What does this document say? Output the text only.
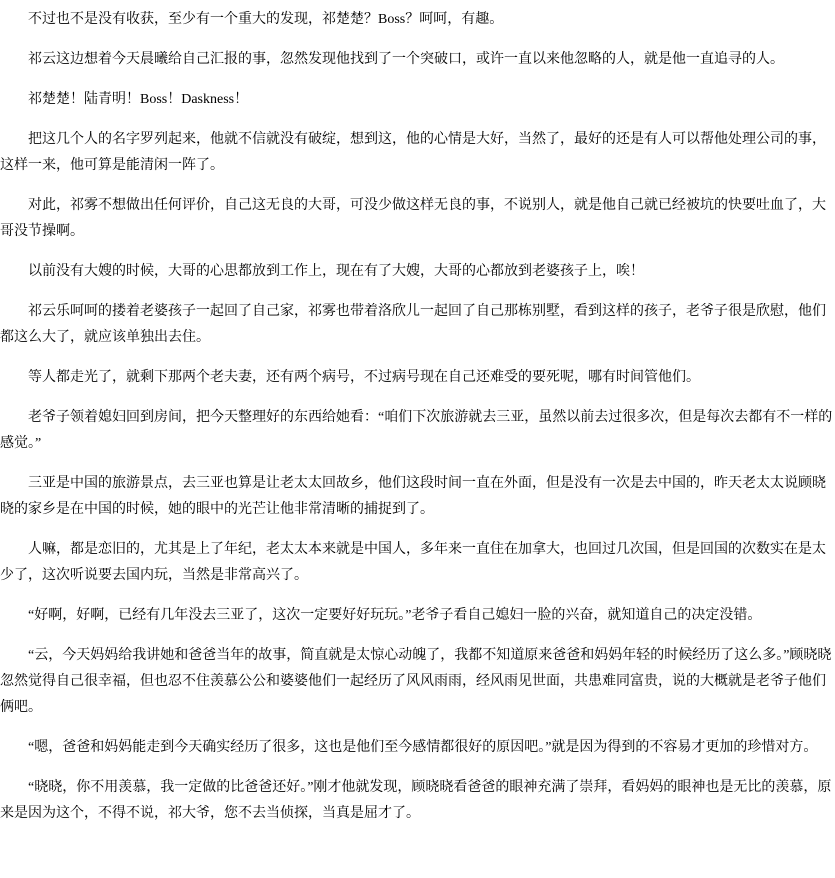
不过也不是没有收获，至少有一个重大的发现，祁楚楚？Boss？呵呵，有趣。

祁云这边想着今天晨曦给自己汇报的事，忽然发现他找到了一个突破口，或许一直以来他忽略的人，就是他一直追寻的人。

祁楚楚！陆青明！Boss！Daskness！

把这几个人的名字罗列起来，他就不信就没有破绽，想到这，他的心情是大好，当然了，最好的还是有人可以帮他处理公司的事，这样一来，他可算是能清闲一阵了。

对此，祁雾不想做出任何评价，自己这无良的大哥，可没少做这样无良的事，不说别人，就是他自己就已经被坑的快要吐血了，大哥没节操啊。

以前没有大嫂的时候，大哥的心思都放到工作上，现在有了大嫂，大哥的心都放到老婆孩子上，唉！

祁云乐呵呵的搂着老婆孩子一起回了自己家，祁雾也带着洛欣儿一起回了自己那栋别墅，看到这样的孩子，老爷子很是欣慰，他们都这么大了，就应该单独出去住。

等人都走光了，就剩下那两个老夫妻，还有两个病号，不过病号现在自己还难受的要死呢，哪有时间管他们。

老爷子领着媳妇回到房间，把今天整理好的东西给她看：“咱们下次旅游就去三亚，虽然以前去过很多次，但是每次去都有不一样的感觉。”

三亚是中国的旅游景点，去三亚也算是让老太太回故乡，他们这段时间一直在外面，但是没有一次是去中国的，昨天老太太说顾晓晓的家乡是在中国的时候，她的眼中的光芒让他非常清晰的捕捉到了。

人嘛，都是恋旧的，尤其是上了年纪，老太太本来就是中国人，多年来一直住在加拿大，也回过几次国，但是回国的次数实在是太少了，这次听说要去国内玩，当然是非常高兴了。

“好啊，好啊，已经有几年没去三亚了，这次一定要好好玩玩。”老爷子看自己媳妇一脸的兴奋，就知道自己的决定没错。

“云，今天妈妈给我讲她和爸爸当年的故事，简直就是太惊心动魄了，我都不知道原来爸爸和妈妈年轻的时候经历了这么多。”顾晓晓忽然觉得自己很幸福，但也忍不住羡慕公公和婆婆他们一起经历了风风雨雨，经风雨见世面，共患难同富贵，说的大概就是老爷子他们俩吧。

“嗯，爸爸和妈妈能走到今天确实经历了很多，这也是他们至今感情都很好的原因吧。”就是因为得到的不容易才更加的珍惜对方。

“晓晓，你不用羡慕，我一定做的比爸爸还好。”刚才他就发现，顾晓晓看爸爸的眼神充满了崇拜，看妈妈的眼神也是无比的羡慕，原来是因为这个，不得不说，祁大爷，您不去当侦探，当真是屈才了。
